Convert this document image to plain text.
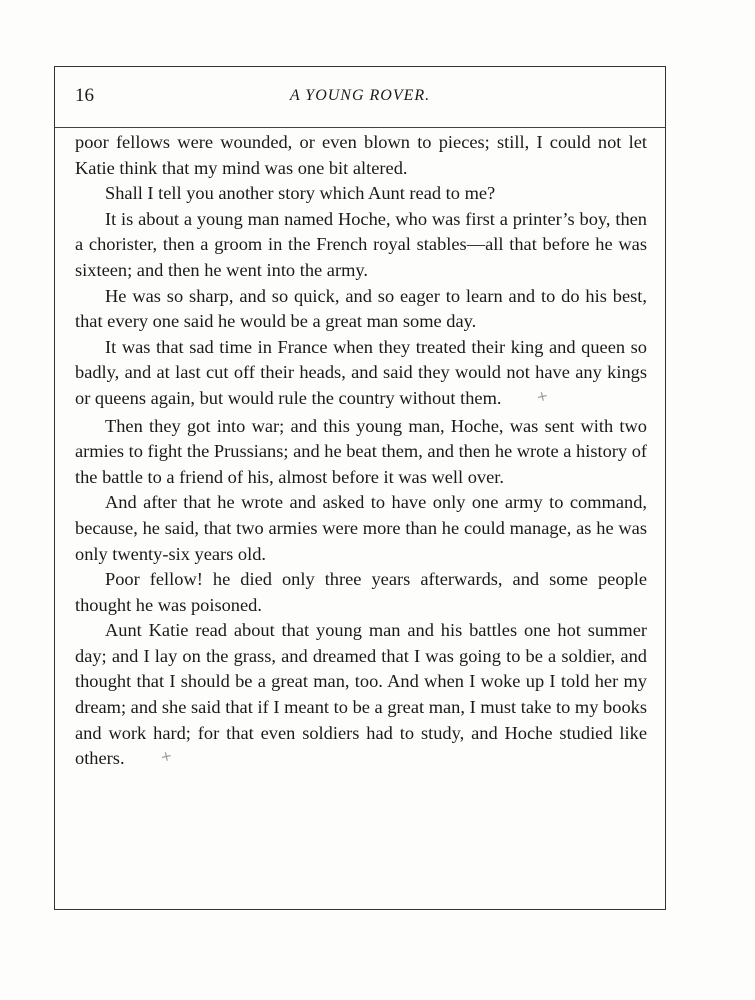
16	A YOUNG ROVER.

poor fellows were wounded, or even blown to pieces; still, I could not let Katie think that my mind was one bit altered.

Shall I tell you another story which Aunt read to me?

It is about a young man named Hoche, who was first a printer’s boy, then a chorister, then a groom in the French royal stables—all that before he was sixteen; and then he went into the army.

He was so sharp, and so quick, and so eager to learn and to do his best, that every one said he would be a great man some day.

It was that sad time in France when they treated their king and queen so badly, and at last cut off their heads, and said they would not have any kings or queens again, but would rule the country without them. +

Then they got into war; and this young man, Hoche, was sent with two armies to fight the Prussians; and he beat them, and then he wrote a history of the battle to a friend of his, almost before it was well over.

And after that he wrote and asked to have only one army to command, because, he said, that two armies were more than he could manage, as he was only twenty-six years old.

Poor fellow! he died only three years afterwards, and some people thought he was poisoned.

Aunt Katie read about that young man and his battles one hot summer day; and I lay on the grass, and dreamed that I was going to be a soldier, and thought that I should be a great man, too. And when I woke up I told her my dream; and she said that if I meant to be a great man, I must take to my books and work hard; for that even soldiers had to study, and Hoche studied like others. +
